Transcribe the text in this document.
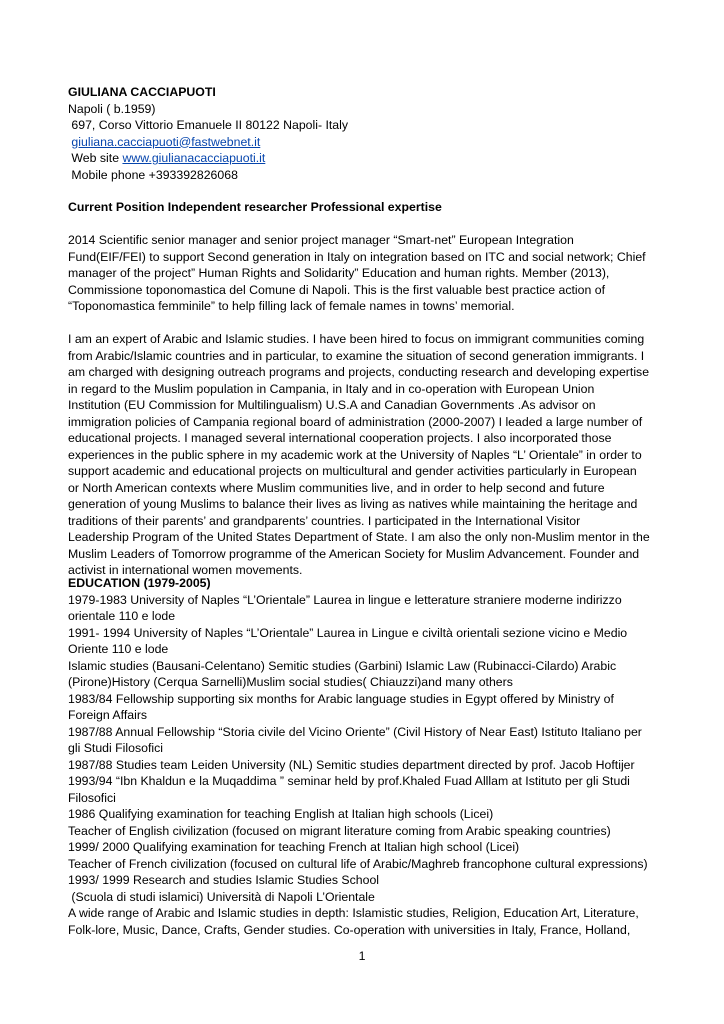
GIULIANA CACCIAPUOTI
Napoli ( b.1959)
697, Corso Vittorio Emanuele II 80122 Napoli- Italy
giuliana.cacciapuoti@fastwebnet.it
Web site www.giulianacacciapuoti.it
Mobile phone +393392826068
Current Position Independent researcher Professional expertise
2014 Scientific senior manager and senior project manager “Smart-net” European Integration
Fund(EIF/FEI) to support Second generation in Italy on integration based on ITC and social network; Chief
manager of the project” Human Rights and Solidarity” Education and human rights. Member (2013),
Commissione toponomastica del Comune di Napoli. This is the first valuable best practice action of
“Toponomastica femminile” to help filling lack of female names in towns’ memorial.
I am an expert of Arabic and Islamic studies. I have been hired to focus on immigrant communities coming
from Arabic/Islamic countries and in particular, to examine the situation of second generation immigrants. I
am charged with designing outreach programs and projects, conducting research and developing expertise
in regard to the Muslim population in Campania, in Italy and in co-operation with European Union
Institution (EU Commission for Multilingualism) U.S.A and Canadian Governments .As advisor on
immigration policies of Campania regional board of administration (2000-2007) I leaded a large number of
educational projects. I managed several international cooperation projects. I also incorporated those
experiences in the public sphere in my academic work at the University of Naples “L’ Orientale” in order to
support academic and educational projects on multicultural and gender activities particularly in European
or North American contexts where Muslim communities live, and in order to help second and future
generation of young Muslims to balance their lives as living as natives while maintaining the heritage and
traditions of their parents’ and grandparents’ countries. I participated in the International Visitor
Leadership Program of the United States Department of State. I am also the only non-Muslim mentor in the
Muslim Leaders of Tomorrow programme of the American Society for Muslim Advancement. Founder and
activist in international women movements.
EDUCATION (1979-2005)
1979-1983 University of Naples “L’Orientale” Laurea in lingue e letterature straniere moderne indirizzo
orientale 110 e lode
1991- 1994 University of Naples “L’Orientale” Laurea in Lingue e civiltà orientali sezione vicino e Medio
Oriente 110 e lode
Islamic studies (Bausani-Celentano) Semitic studies (Garbini) Islamic Law (Rubinacci-Cilardo) Arabic
(Pirone)History (Cerqua Sarnelli)Muslim social studies( Chiauzzi)and many others
1983/84 Fellowship supporting six months for Arabic language studies in Egypt offered by Ministry of
Foreign Affairs
1987/88 Annual Fellowship “Storia civile del Vicino Oriente” (Civil History of Near East) Istituto Italiano per
gli Studi Filosofici
1987/88 Studies team Leiden University (NL) Semitic studies department directed by prof. Jacob Hoftijer
1993/94 “Ibn Khaldun e la Muqaddima ” seminar held by prof.Khaled Fuad Alllam at Istituto per gli Studi
Filosofici
1986 Qualifying examination for teaching English at Italian high schools (Licei)
Teacher of English civilization (focused on migrant literature coming from Arabic speaking countries)
1999/ 2000 Qualifying examination for teaching French at Italian high school (Licei)
Teacher of French civilization (focused on cultural life of Arabic/Maghreb francophone cultural expressions)
1993/ 1999 Research and studies Islamic Studies School
(Scuola di studi islamici) Università di Napoli L’Orientale
A wide range of Arabic and Islamic studies in depth: Islamistic studies, Religion, Education Art, Literature,
Folk-lore, Music, Dance, Crafts, Gender studies. Co-operation with universities in Italy, France, Holland,
1
